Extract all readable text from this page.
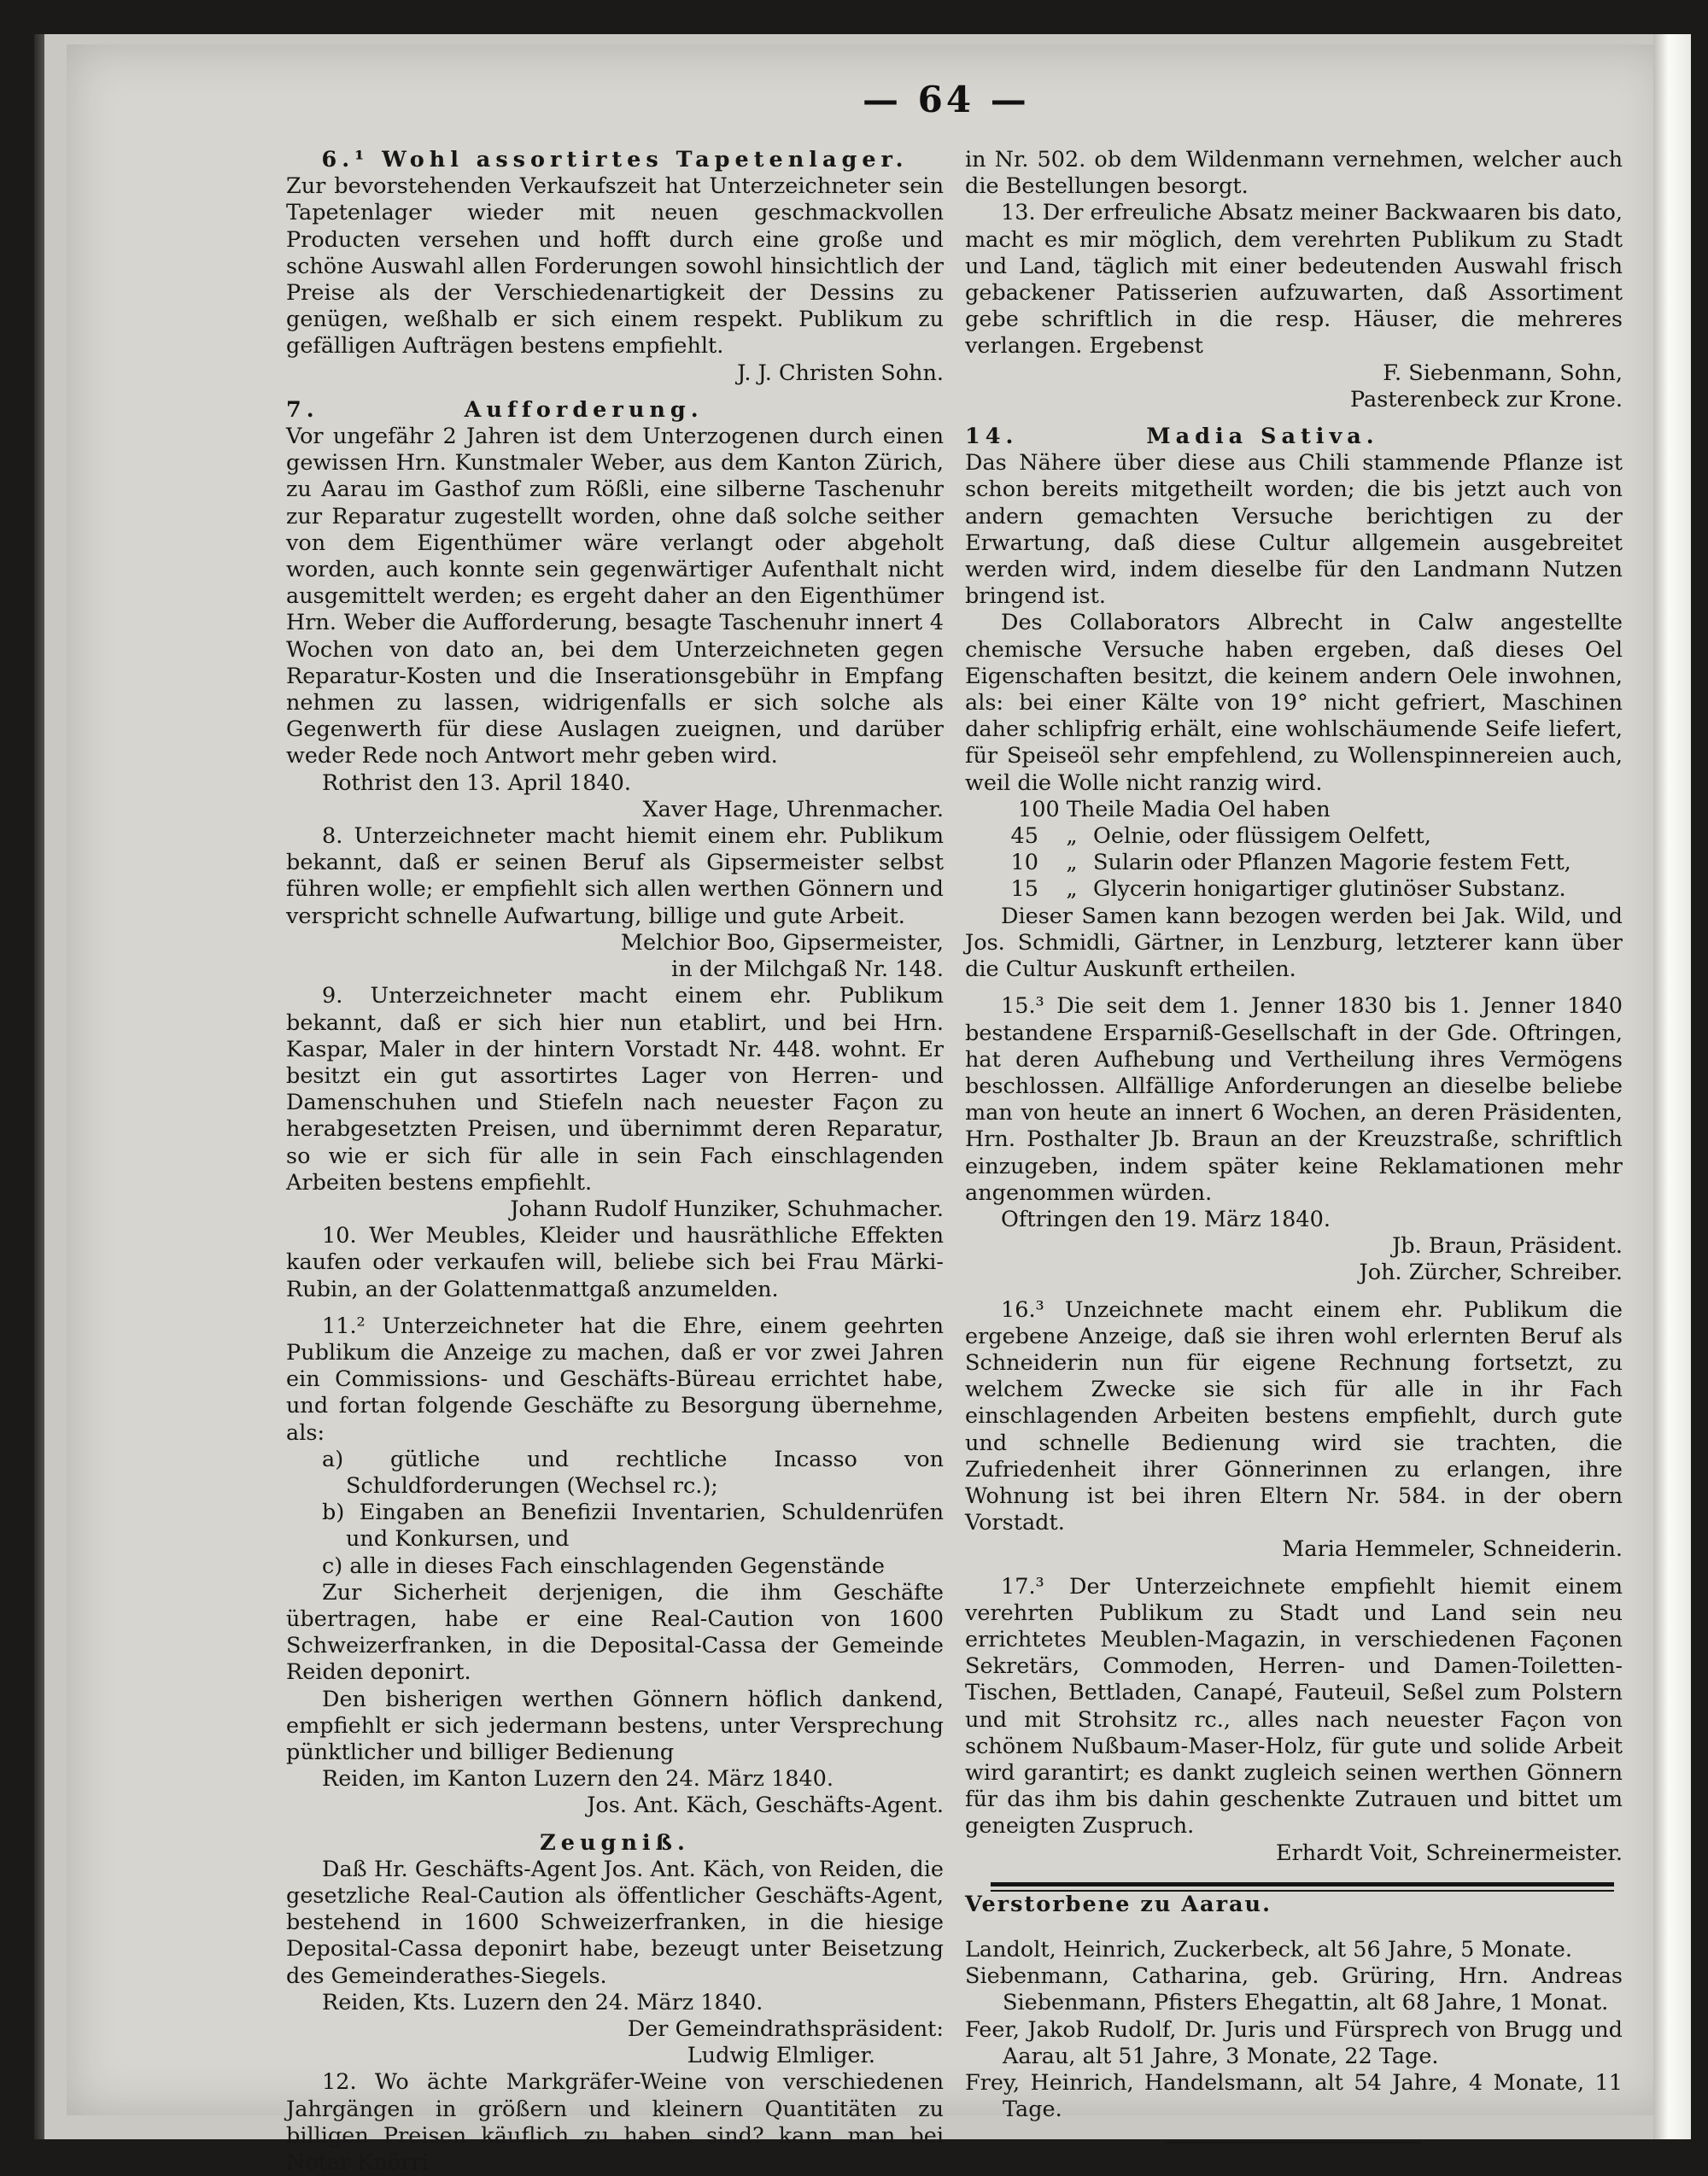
— 64 —

6.¹ Wohl assortirtes Tapetenlager.

Zur bevorstehenden Verkaufszeit hat Unterzeichneter sein Tapetenlager wieder mit neuen geschmackvollen Producten versehen und hofft durch eine große und schöne Auswahl allen Forderungen sowohl hinsichtlich der Preise als der Verschiedenartigkeit der Dessins zu genügen, weßhalb er sich einem respekt. Publikum zu gefälligen Aufträgen bestens empfiehlt.

J. J. Christen Sohn.

7.	Aufforderung.

Vor ungefähr 2 Jahren ist dem Unterzogenen durch einen gewissen Hrn. Kunstmaler Weber, aus dem Kanton Zürich, zu Aarau im Gasthof zum Rößli, eine silberne Taschenuhr zur Reparatur zugestellt worden, ohne daß solche seither von dem Eigenthümer wäre verlangt oder abgeholt worden, auch konnte sein gegenwärtiger Aufenthalt nicht ausgemittelt werden; es ergeht daher an den Eigenthümer Hrn. Weber die Aufforderung, besagte Taschenuhr innert 4 Wochen von dato an, bei dem Unterzeichneten gegen Reparatur-Kosten und die Inserationsgebühr in Empfang nehmen zu lassen, widrigenfalls er sich solche als Gegenwerth für diese Auslagen zueignen, und darüber weder Rede noch Antwort mehr geben wird.

Rothrist den 13. April 1840.

Xaver Hage, Uhrenmacher.

8. Unterzeichneter macht hiemit einem ehr. Publikum bekannt, daß er seinen Beruf als Gipsermeister selbst führen wolle; er empfiehlt sich allen werthen Gönnern und verspricht schnelle Aufwartung, billige und gute Arbeit.

Melchior Boo, Gipsermeister,

in der Milchgaß Nr. 148.

9. Unterzeichneter macht einem ehr. Publikum bekannt, daß er sich hier nun etablirt, und bei Hrn. Kaspar, Maler in der hintern Vorstadt Nr. 448. wohnt. Er besitzt ein gut assortirtes Lager von Herren- und Damenschuhen und Stiefeln nach neuester Façon zu herabgesetzten Preisen, und übernimmt deren Reparatur, so wie er sich für alle in sein Fach einschlagenden Arbeiten bestens empfiehlt.

Johann Rudolf Hunziker, Schuhmacher.

10. Wer Meubles, Kleider und hausräthliche Effekten kaufen oder verkaufen will, beliebe sich bei Frau Märki-Rubin, an der Golattenmattgaß anzumelden.

11.² Unterzeichneter hat die Ehre, einem geehrten Publikum die Anzeige zu machen, daß er vor zwei Jahren ein Commissions- und Geschäfts-Büreau errichtet habe, und fortan folgende Geschäfte zu Besorgung übernehme, als:

a) gütliche und rechtliche Incasso von Schuldforderungen (Wechsel rc.);

b) Eingaben an Benefizii Inventarien, Schuldenrüfen und Konkursen, und

c) alle in dieses Fach einschlagenden Gegenstände

Zur Sicherheit derjenigen, die ihm Geschäfte übertragen, habe er eine Real-Caution von 1600 Schweizerfranken, in die Deposital-Cassa der Gemeinde Reiden deponirt.

Den bisherigen werthen Gönnern höflich dankend, empfiehlt er sich jedermann bestens, unter Versprechung pünktlicher und billiger Bedienung

Reiden, im Kanton Luzern den 24. März 1840.

Jos. Ant. Käch, Geschäfts-Agent.

Zeugniß.

Daß Hr. Geschäfts-Agent Jos. Ant. Käch, von Reiden, die gesetzliche Real-Caution als öffentlicher Geschäfts-Agent, bestehend in 1600 Schweizerfranken, in die hiesige Deposital-Cassa deponirt habe, bezeugt unter Beisetzung des Gemeinderathes-Siegels.

Reiden, Kts. Luzern den 24. März 1840.

Der Gemeindrathspräsident:

Ludwig Elmliger.

12. Wo ächte Markgräfer-Weine von verschiedenen Jahrgängen in größern und kleinern Quantitäten zu billigen Preisen käuflich zu haben sind? kann man bei Notar Knörri

in Nr. 502. ob dem Wildenmann vernehmen, welcher auch die Bestellungen besorgt.

13. Der erfreuliche Absatz meiner Backwaaren bis dato, macht es mir möglich, dem verehrten Publikum zu Stadt und Land, täglich mit einer bedeutenden Auswahl frisch gebackener Patisserien aufzuwarten, daß Assortiment gebe schriftlich in die resp. Häuser, die mehreres verlangen. Ergebenst

F. Siebenmann, Sohn,

Pasterenbeck zur Krone.

14.	Madia Sativa.

Das Nähere über diese aus Chili stammende Pflanze ist schon bereits mitgetheilt worden; die bis jetzt auch von andern gemachten Versuche berichtigen zu der Erwartung, daß diese Cultur allgemein ausgebreitet werden wird, indem dieselbe für den Landmann Nutzen bringend ist.

Des Collaborators Albrecht in Calw angestellte chemische Versuche haben ergeben, daß dieses Oel Eigenschaften besitzt, die keinem andern Oele inwohnen, als: bei einer Kälte von 19° nicht gefriert, Maschinen daher schlipfrig erhält, eine wohlschäumende Seife liefert, für Speiseöl sehr empfehlend, zu Wollenspinnereien auch, weil die Wolle nicht ranzig wird.

100 Theile Madia Oel haben

45 „ Oelnie, oder flüssigem Oelfett,

10 „ Sularin oder Pflanzen Magorie festem Fett,

15 „ Glycerin honigartiger glutinöser Substanz.

Dieser Samen kann bezogen werden bei Jak. Wild, und Jos. Schmidli, Gärtner, in Lenzburg, letzterer kann über die Cultur Auskunft ertheilen.

15.³ Die seit dem 1. Jenner 1830 bis 1. Jenner 1840 bestandene Ersparniß-Gesellschaft in der Gde. Oftringen, hat deren Aufhebung und Vertheilung ihres Vermögens beschlossen. Allfällige Anforderungen an dieselbe beliebe man von heute an innert 6 Wochen, an deren Präsidenten, Hrn. Posthalter Jb. Braun an der Kreuzstraße, schriftlich einzugeben, indem später keine Reklamationen mehr angenommen würden.

Oftringen den 19. März 1840.

Jb. Braun, Präsident.

Joh. Zürcher, Schreiber.

16.³ Unzeichnete macht einem ehr. Publikum die ergebene Anzeige, daß sie ihren wohl erlernten Beruf als Schneiderin nun für eigene Rechnung fortsetzt, zu welchem Zwecke sie sich für alle in ihr Fach einschlagenden Arbeiten bestens empfiehlt, durch gute und schnelle Bedienung wird sie trachten, die Zufriedenheit ihrer Gönnerinnen zu erlangen, ihre Wohnung ist bei ihren Eltern Nr. 584. in der obern Vorstadt.

Maria Hemmeler, Schneiderin.

17.³ Der Unterzeichnete empfiehlt hiemit einem verehrten Publikum zu Stadt und Land sein neu errichtetes Meublen-Magazin, in verschiedenen Façonen Sekretärs, Commoden, Herren- und Damen-Toiletten-Tischen, Bettladen, Canapé, Fauteuil, Seßel zum Polstern und mit Strohsitz rc., alles nach neuester Façon von schönem Nußbaum-Maser-Holz, für gute und solide Arbeit wird garantirt; es dankt zugleich seinen werthen Gönnern für das ihm bis dahin geschenkte Zutrauen und bittet um geneigten Zuspruch.

Erhardt Voit, Schreinermeister.

Verstorbene zu Aarau.

Landolt, Heinrich, Zuckerbeck, alt 56 Jahre, 5 Monate.

Siebenmann, Catharina, geb. Grüring, Hrn. Andreas Siebenmann, Pfisters Ehegattin, alt 68 Jahre, 1 Monat.

Feer, Jakob Rudolf, Dr. Juris und Fürsprech von Brugg und Aarau, alt 51 Jahre, 3 Monate, 22 Tage.

Frey, Heinrich, Handelsmann, alt 54 Jahre, 4 Monate, 11 Tage.
